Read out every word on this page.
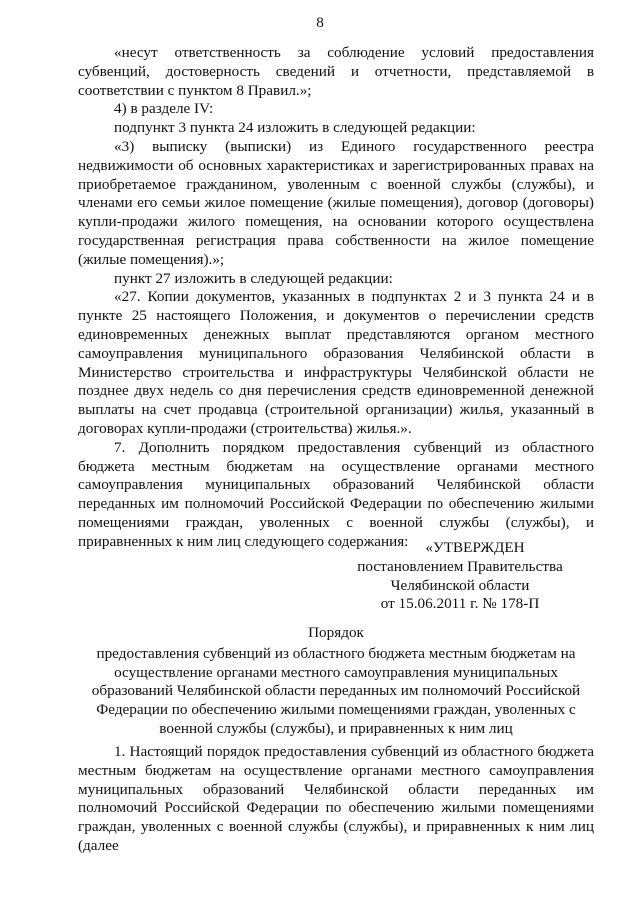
8

«несут ответственность за соблюдение условий предоставления субвенций, достоверность сведений и отчетности, представляемой в соответствии с пунктом 8 Правил.»;

4) в разделе IV:

подпункт 3 пункта 24 изложить в следующей редакции:

«3) выписку (выписки) из Единого государственного реестра недвижимости об основных характеристиках и зарегистрированных правах на приобретаемое гражданином, уволенным с военной службы (службы), и членами его семьи жилое помещение (жилые помещения), договор (договоры) купли-продажи жилого помещения, на основании которого осуществлена государственная регистрация права собственности на жилое помещение (жилые помещения).»;

пункт 27 изложить в следующей редакции:

«27. Копии документов, указанных в подпунктах 2 и 3 пункта 24 и в пункте 25 настоящего Положения, и документов о перечислении средств единовременных денежных выплат представляются органом местного самоуправления муниципального образования Челябинской области в Министерство строительства и инфраструктуры Челябинской области не позднее двух недель со дня перечисления средств единовременной денежной выплаты на счет продавца (строительной организации) жилья, указанный в договорах купли-продажи (строительства) жилья.».

7. Дополнить порядком предоставления субвенций из областного бюджета местным бюджетам на осуществление органами местного самоуправления муниципальных образований Челябинской области переданных им полномочий Российской Федерации по обеспечению жилыми помещениями граждан, уволенных с военной службы (службы), и приравненных к ним лиц следующего содержания:	«УТВЕРЖДЕН
постановлением Правительства
Челябинской области
от 15.06.2011 г. № 178-П
Порядок
предоставления субвенций из областного бюджета местным бюджетам на
осуществление органами местного самоуправления муниципальных
образований Челябинской области переданных им полномочий Российской
Федерации по обеспечению жилыми помещениями граждан, уволенных с
военной службы (службы), и приравненных к ним лиц

1. Настоящий порядок предоставления субвенций из областного бюджета местным бюджетам на осуществление органами местного самоуправления муниципальных образований Челябинской области переданных им полномочий Российской Федерации по обеспечению жилыми помещениями граждан, уволенных с военной службы (службы), и приравненных к ним лиц (далее
